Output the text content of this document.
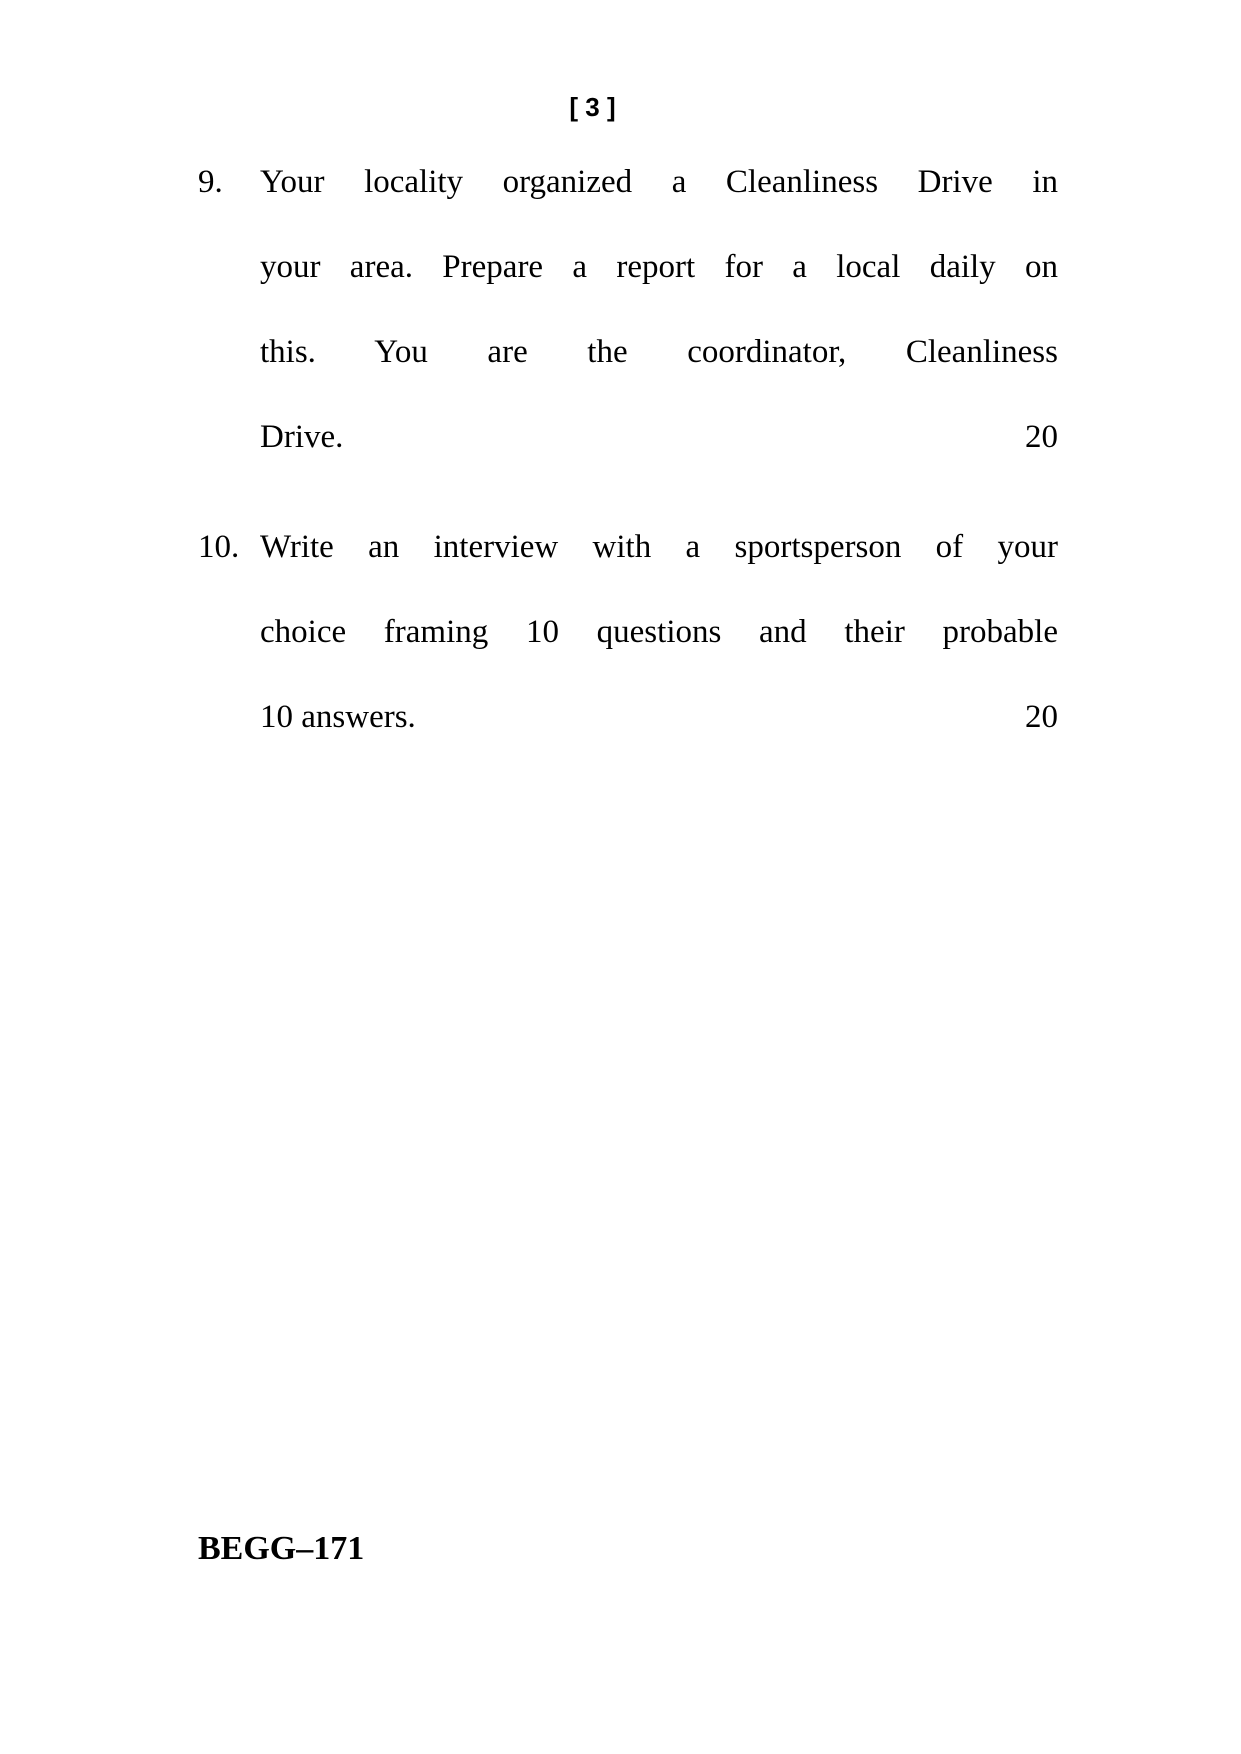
[ 3 ]
9. Your locality organized a Cleanliness Drive in
your area. Prepare a report for a local daily on
this. You are the coordinator, Cleanliness
Drive.	20
10. Write an interview with a sportsperson of your
choice framing 10 questions and their probable
10 answers.	20
BEGG–171
